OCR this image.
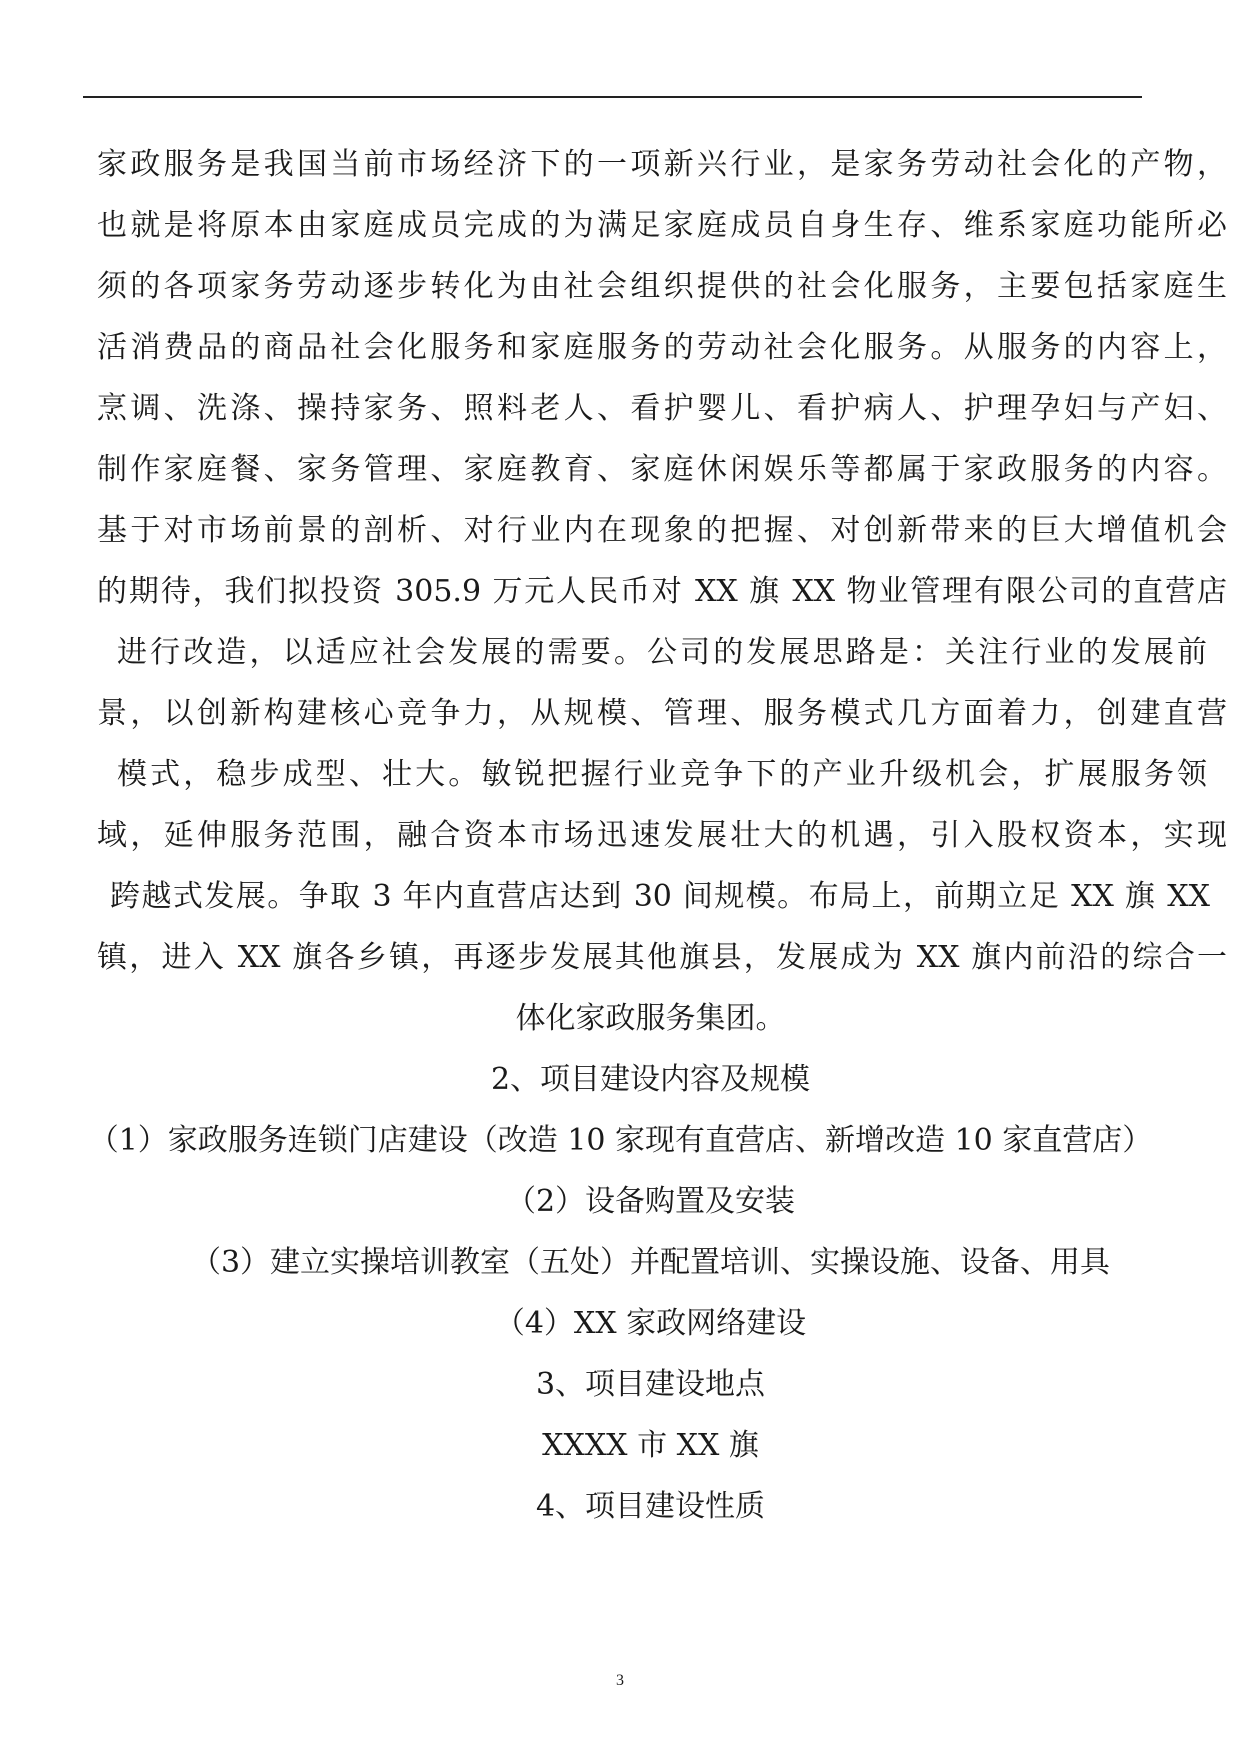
家政服务是我国当前市场经济下的一项新兴行业，是家务劳动社会化的产物，
也就是将原本由家庭成员完成的为满足家庭成员自身生存、维系家庭功能所必
须的各项家务劳动逐步转化为由社会组织提供的社会化服务，主要包括家庭生
活消费品的商品社会化服务和家庭服务的劳动社会化服务。从服务的内容上，
烹调、洗涤、操持家务、照料老人、看护婴儿、看护病人、护理孕妇与产妇、
制作家庭餐、家务管理、家庭教育、家庭休闲娱乐等都属于家政服务的内容。
基于对市场前景的剖析、对行业内在现象的把握、对创新带来的巨大增值机会
的期待，我们拟投资 305.9 万元人民币对 XX 旗 XX 物业管理有限公司的直营店
进行改造，以适应社会发展的需要。公司的发展思路是：关注行业的发展前
景，以创新构建核心竞争力，从规模、管理、服务模式几方面着力，创建直营
模式，稳步成型、壮大。敏锐把握行业竞争下的产业升级机会，扩展服务领
域，延伸服务范围，融合资本市场迅速发展壮大的机遇，引入股权资本，实现
跨越式发展。争取 3 年内直营店达到 30 间规模。布局上，前期立足 XX 旗 XX
镇，进入 XX 旗各乡镇，再逐步发展其他旗县，发展成为 XX 旗内前沿的综合一
体化家政服务集团。
2、项目建设内容及规模
（1）家政服务连锁门店建设（改造 10 家现有直营店、新增改造 10 家直营店）
（2）设备购置及安装
（3）建立实操培训教室（五处）并配置培训、实操设施、设备、用具
（4）XX 家政网络建设
3、项目建设地点
XXXX 市 XX 旗
4、项目建设性质
3
